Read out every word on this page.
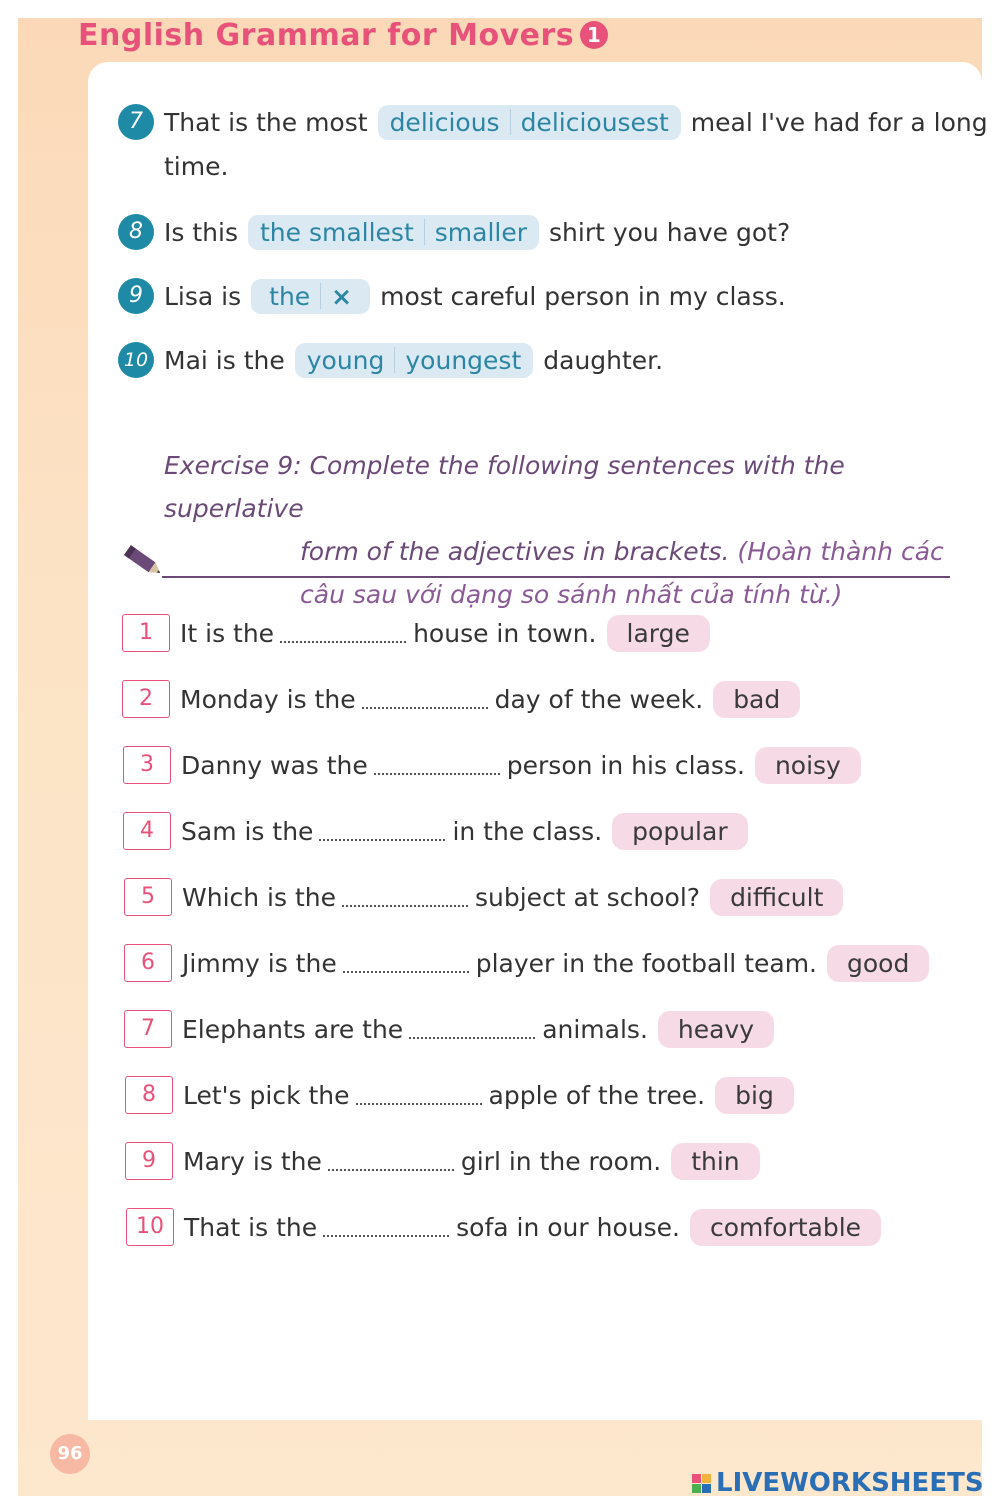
English Grammar for Movers 1
7 That is the most delicious deliciousest meal I've had for a long
time.
8 Is this the smallest smaller shirt you have got?
9 Lisa is the × most careful person in my class.
10 Mai is the young youngest daughter.
Exercise 9: Complete the following sentences with the superlative
form of the adjectives in brackets. (Hoàn thành các
câu sau với dạng so sánh nhất của tính từ.)
1	It is the	house in town.	large
2	Monday is the	day of the week.	bad
3	Danny was the	person in his class.	noisy
4	Sam is the	in the class.	popular
5	Which is the	subject at school?	difficult
6	Jimmy is the	player in the football team.	good
7	Elephants are the	animals.	heavy
8	Let's pick the	apple of the tree.	big
9	Mary is the	girl in the room.	thin
10 That is the	sofa in our house.	comfortable
96
LIVEWORKSHEETS
